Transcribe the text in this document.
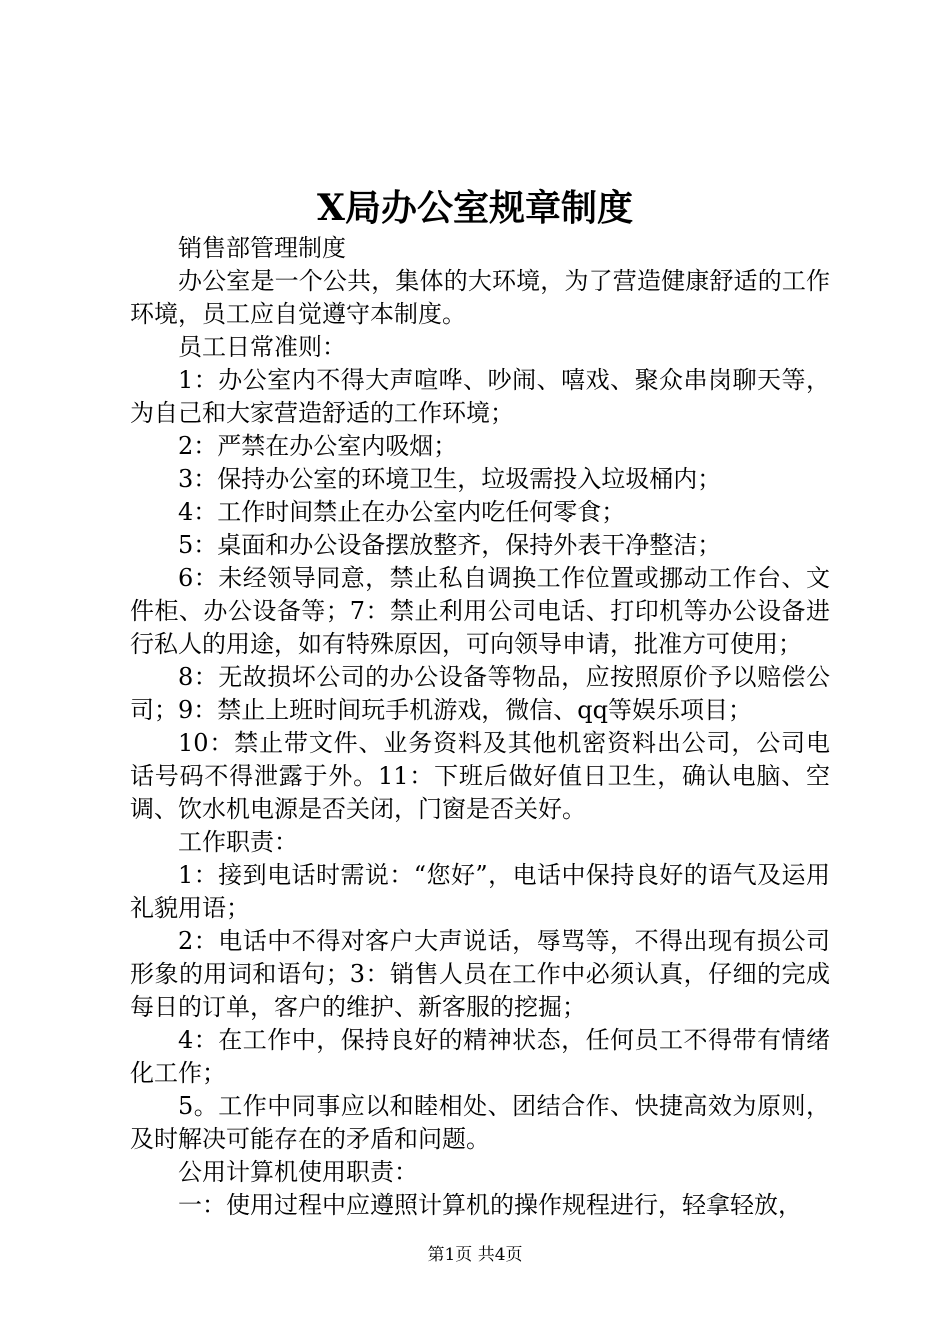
X局办公室规章制度

销售部管理制度

办公室是一个公共，集体的大环境，为了营造健康舒适的工作环境，员工应自觉遵守本制度。

员工日常准则：

1：办公室内不得大声喧哗、吵闹、嘻戏、聚众串岗聊天等，为自己和大家营造舒适的工作环境；

2：严禁在办公室内吸烟；

3：保持办公室的环境卫生，垃圾需投入垃圾桶内；

4：工作时间禁止在办公室内吃任何零食；

5：桌面和办公设备摆放整齐，保持外表干净整洁；

6：未经领导同意，禁止私自调换工作位置或挪动工作台、文件柜、办公设备等；7：禁止利用公司电话、打印机等办公设备进行私人的用途，如有特殊原因，可向领导申请，批准方可使用；

8：无故损坏公司的办公设备等物品，应按照原价予以赔偿公司；9：禁止上班时间玩手机游戏，微信、qq等娱乐项目；

10：禁止带文件、业务资料及其他机密资料出公司，公司电话号码不得泄露于外。11：下班后做好值日卫生，确认电脑、空调、饮水机电源是否关闭，门窗是否关好。

工作职责：

1：接到电话时需说：“您好”，电话中保持良好的语气及运用礼貌用语；

2：电话中不得对客户大声说话，辱骂等，不得出现有损公司形象的用词和语句；3：销售人员在工作中必须认真，仔细的完成每日的订单，客户的维护、新客服的挖掘；

4：在工作中，保持良好的精神状态，任何员工不得带有情绪化工作；

5。工作中同事应以和睦相处、团结合作、快捷高效为原则，及时解决可能存在的矛盾和问题。

公用计算机使用职责：

一：使用过程中应遵照计算机的操作规程进行，轻拿轻放，

第1页 共4页
